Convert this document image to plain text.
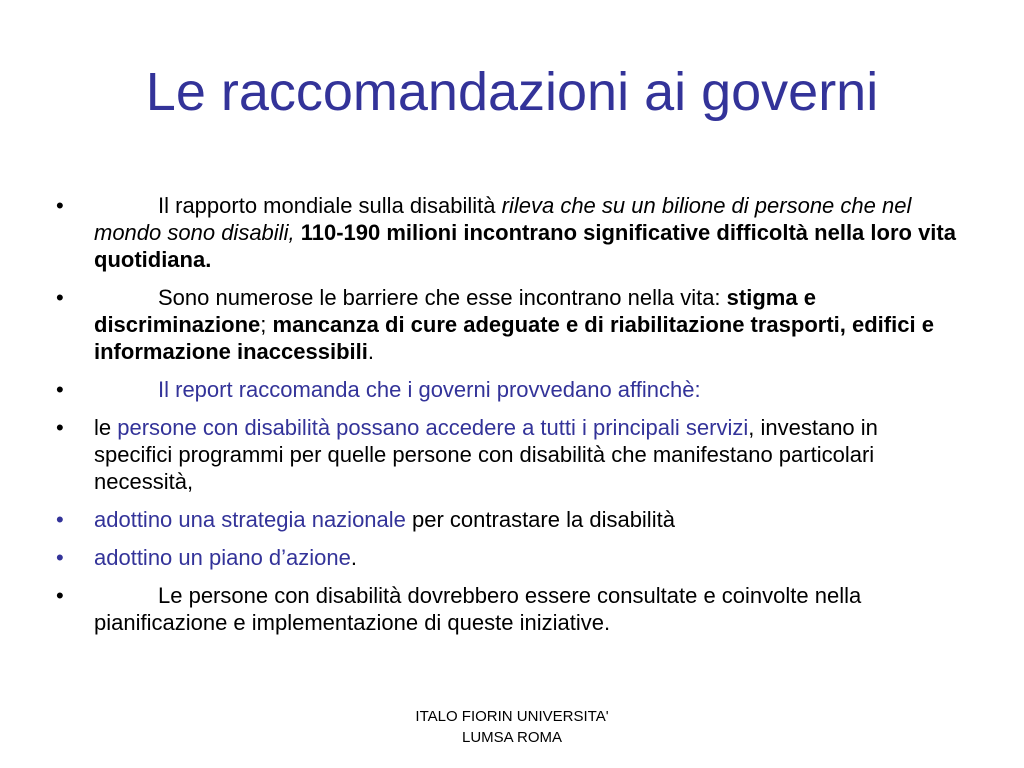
Le raccomandazioni ai governi
•	Il rapporto mondiale sulla disabilità rileva che su un bilione di persone che nel mondo sono disabili, 110-190 milioni incontrano significative difficoltà nella loro vita quotidiana.
•	Sono numerose le barriere che esse incontrano nella vita: stigma e discriminazione; mancanza di cure adeguate e di riabilitazione trasporti, edifici e informazione inaccessibili.
•	Il report raccomanda che i governi provvedano affinchè:
• le persone con disabilità possano accedere a tutti i principali servizi, investano in specifici programmi per quelle persone con disabilità che manifestano particolari necessità,
• adottino una strategia nazionale per contrastare la disabilità
• adottino un piano d’azione.
•	Le persone con disabilità dovrebbero essere consultate e coinvolte nella pianificazione e implementazione di queste iniziative.
ITALO FIORIN UNIVERSITA'
LUMSA ROMA
